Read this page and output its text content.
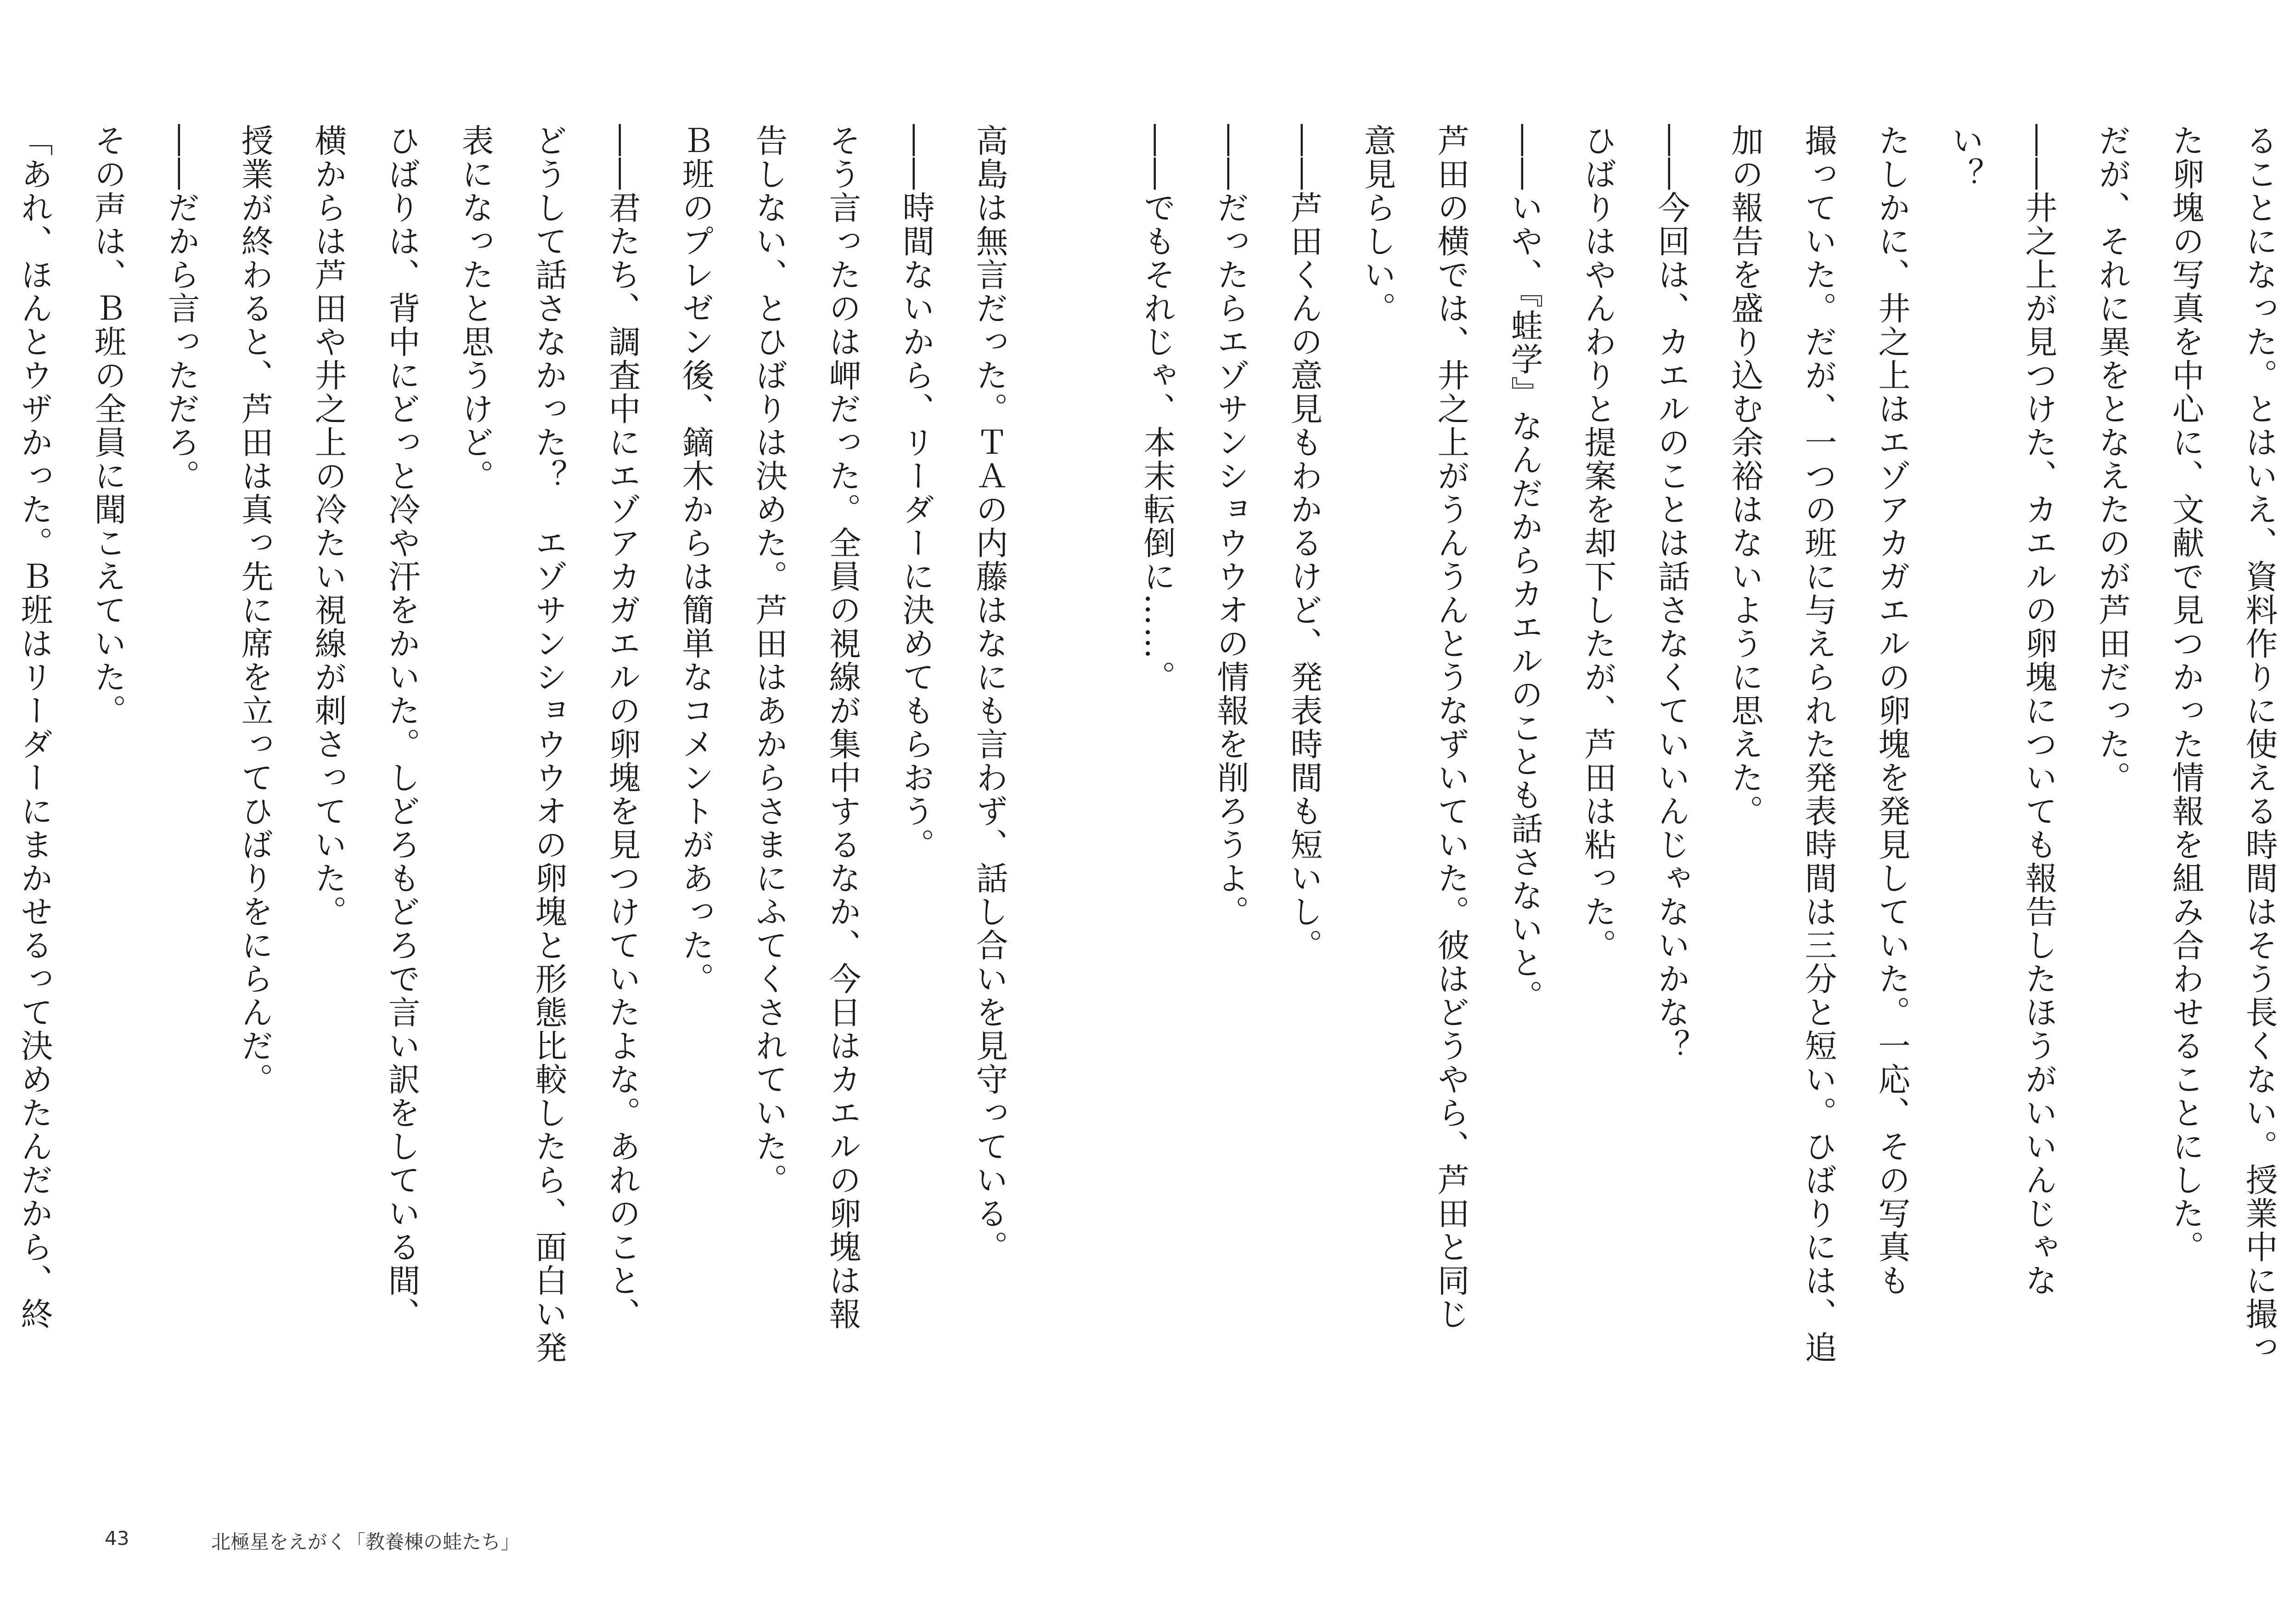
高島は無言だった。ＴＡの内藤はなにも言わず、話し合いを見守っている。
――時間ないから、リーダーに決めてもらおう。
そう言ったのは岬だった。全員の視線が集中するなか、今日はカエルの卵塊は報
告しない、とひばりは決めた。芦田はあからさまにふてくされていた。
Ｂ班のプレゼン後、鏑木からは簡単なコメントがあった。
――君たち、調査中にエゾアカガエルの卵塊を見つけていたよな。あれのこと、
どうして話さなかった？　エゾサンショウウオの卵塊と形態比較したら、面白い発
表になったと思うけど。
ひばりは、背中にどっと冷や汗をかいた。しどろもどろで言い訳をしている間、
横からは芦田や井之上の冷たい視線が刺さっていた。
授業が終わると、芦田は真っ先に席を立ってひばりをにらんだ。
――だから言っただろ。
その声は、Ｂ班の全員に聞こえていた。
「あれ、ほんとウザかった。Ｂ班はリーダーにまかせるって決めたんだから、終
43	北極星をえがく「教養棟の蛙たち」
ることになった。とはいえ、資料作りに使える時間はそう長くない。授業中に撮っ
た卵塊の写真を中心に、文献で見つかった情報を組み合わせることにした。
だが、それに異をとなえたのが芦田だった。
――井之上が見つけた、カエルの卵塊についても報告したほうがいいんじゃな
い？
たしかに、井之上はエゾアカガエルの卵塊を発見していた。一応、その写真も
撮っていた。だが、一つの班に与えられた発表時間は三分と短い。ひばりには、追
加の報告を盛り込む余裕はないように思えた。
――今回は、カエルのことは話さなくていいんじゃないかな？
ひばりはやんわりと提案を却下したが、芦田は粘った。
――いや、『蛙学』なんだからカエルのことも話さないと。
芦田の横では、井之上がうんうんとうなずいていた。彼はどうやら、芦田と同じ
意見らしい。
――芦田くんの意見もわかるけど、発表時間も短いし。
――だったらエゾサンショウウオの情報を削ろうよ。
――でもそれじゃ、本末転倒に……。
